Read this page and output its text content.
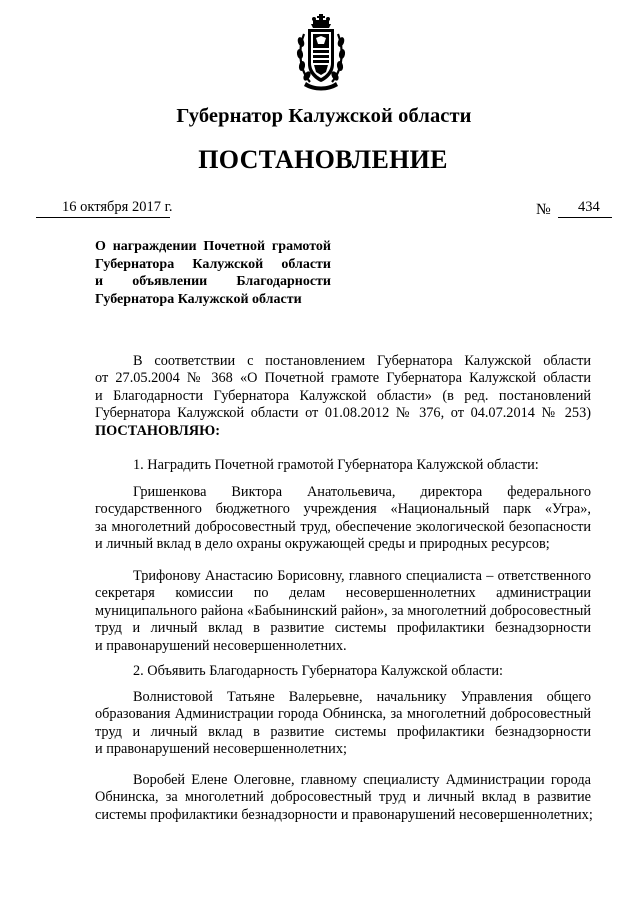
Губернатор Калужской области
ПОСТАНОВЛЕНИЕ
16 октября 2017 г.	№ 434
О награждении Почетной грамотой
Губернатора Калужской области
и объявлении Благодарности
Губернатора Калужской области
В соответствии с постановлением Губернатора Калужской области
от 27.05.2004 № 368 «О Почетной грамоте Губернатора Калужской области
и Благодарности Губернатора Калужской области» (в ред. постановлений
Губернатора Калужской области от 01.08.2012 № 376, от 04.07.2014 № 253)
ПОСТАНОВЛЯЮ:
1. Наградить Почетной грамотой Губернатора Калужской области:
Гришенкова Виктора Анатольевича, директора федерального
государственного бюджетного учреждения «Национальный парк «Угра»,
за многолетний добросовестный труд, обеспечение экологической безопасности
и личный вклад в дело охраны окружающей среды и природных ресурсов;
Трифонову Анастасию Борисовну, главного специалиста – ответственного
секретаря комиссии по делам несовершеннолетних администрации
муниципального района «Бабынинский район», за многолетний добросовестный
труд и личный вклад в развитие системы профилактики безнадзорности
и правонарушений несовершеннолетних.
2. Объявить Благодарность Губернатора Калужской области:
Волнистовой Татьяне Валерьевне, начальнику Управления общего
образования Администрации города Обнинска, за многолетний добросовестный
труд и личный вклад в развитие системы профилактики безнадзорности
и правонарушений несовершеннолетних;
Воробей Елене Олеговне, главному специалисту Администрации города
Обнинска, за многолетний добросовестный труд и личный вклад в развитие
системы профилактики безнадзорности и правонарушений несовершеннолетних;
